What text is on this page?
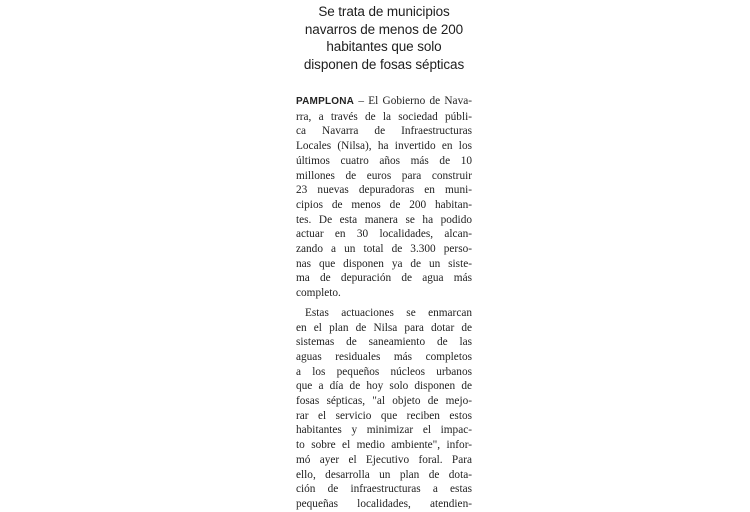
Se trata de municipios
navarros de menos de 200
habitantes que solo
disponen de fosas sépticas

PAMPLONA – El Gobierno de Nava-
rra, a través de la sociedad públi-
ca Navarra de Infraestructuras
Locales (Nilsa), ha invertido en los
últimos cuatro años más de 10
millones de euros para construir
23 nuevas depuradoras en muni-
cipios de menos de 200 habitan-
tes. De esta manera se ha podido
actuar en 30 localidades, alcan-
zando a un total de 3.300 perso-
nas que disponen ya de un siste-
ma de depuración de agua más
completo.

Estas actuaciones se enmarcan
en el plan de Nilsa para dotar de
sistemas de saneamiento de las
aguas residuales más completos
a los pequeños núcleos urbanos
que a día de hoy solo disponen de
fosas sépticas, "al objeto de mejo-
rar el servicio que reciben estos
habitantes y minimizar el impac-
to sobre el medio ambiente", infor-
mó ayer el Ejecutivo foral. Para
ello, desarrolla un plan de dota-
ción de infraestructuras a estas
pequeñas localidades, atendien-
